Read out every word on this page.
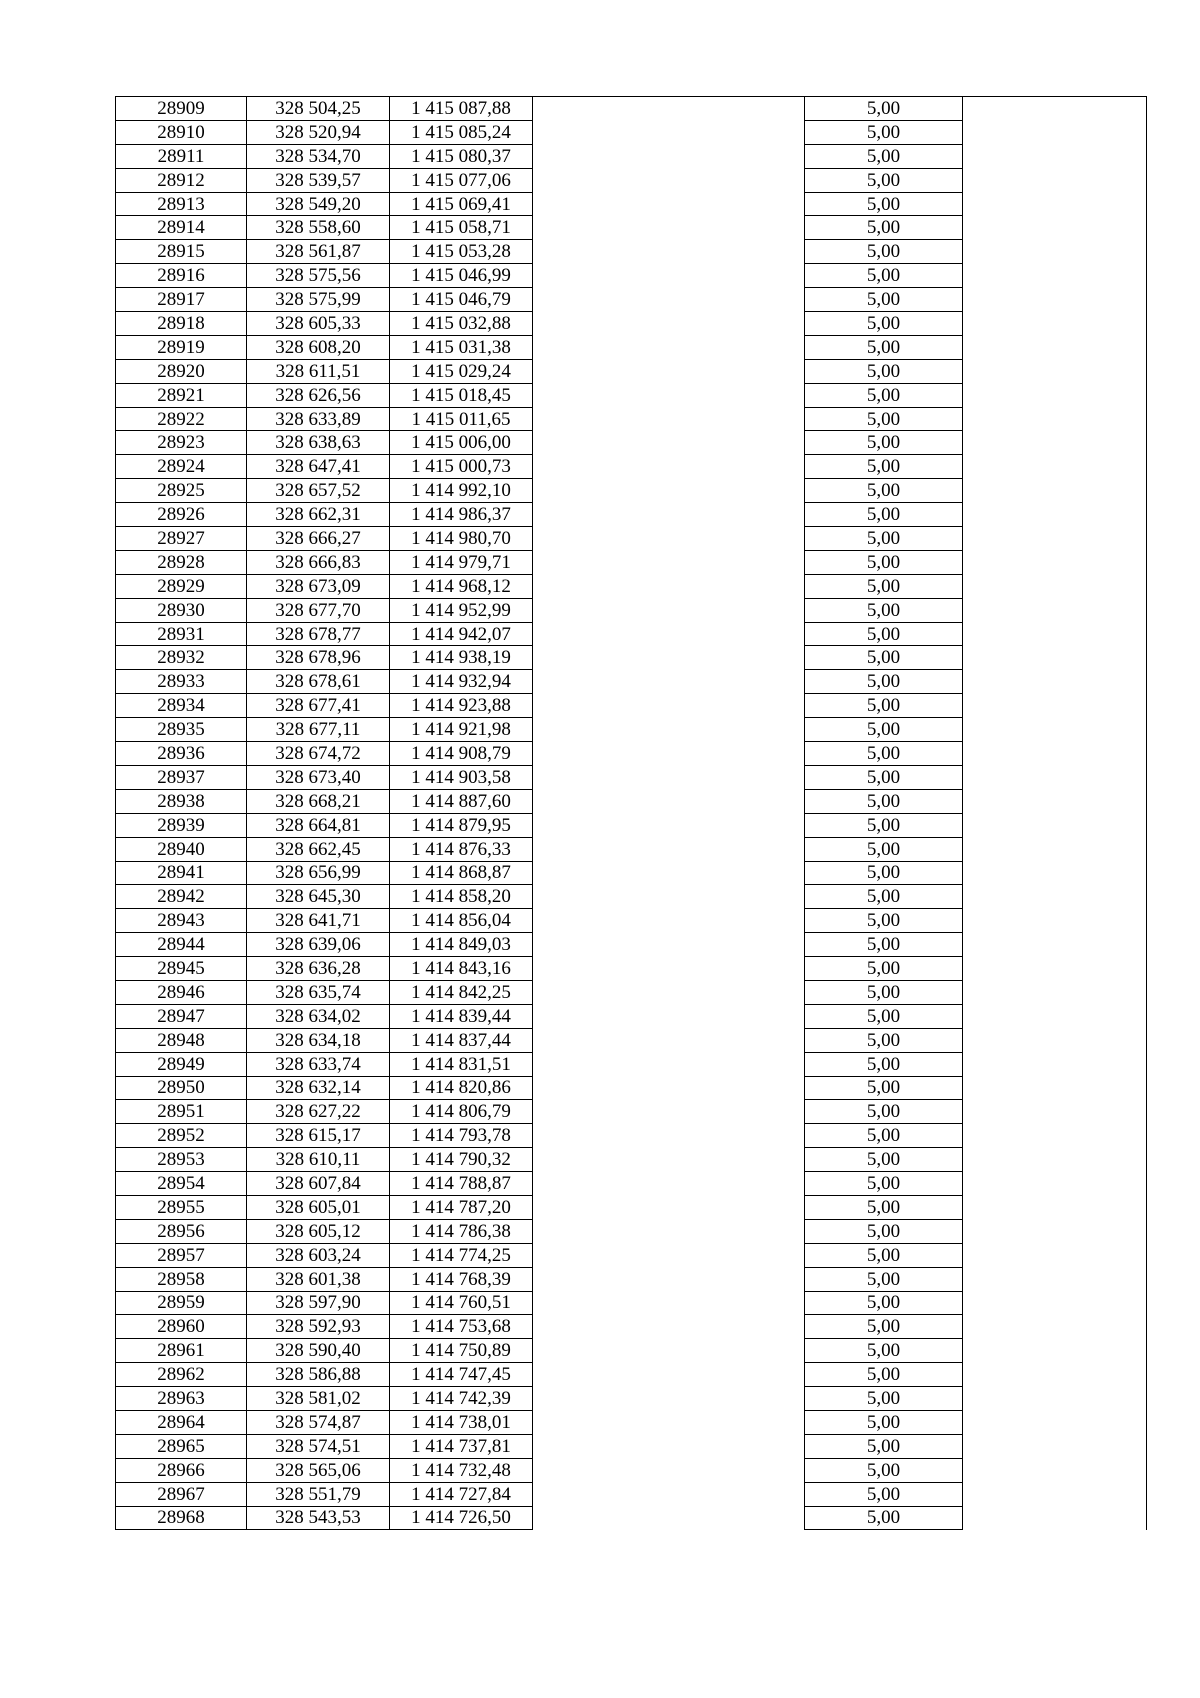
28909	328 504,25	1 415 087,88		5,00	
28910	328 520,94	1 415 085,24		5,00	
28911	328 534,70	1 415 080,37		5,00	
28912	328 539,57	1 415 077,06		5,00	
28913	328 549,20	1 415 069,41		5,00	
28914	328 558,60	1 415 058,71		5,00	
28915	328 561,87	1 415 053,28		5,00	
28916	328 575,56	1 415 046,99		5,00	
28917	328 575,99	1 415 046,79		5,00	
28918	328 605,33	1 415 032,88		5,00	
28919	328 608,20	1 415 031,38		5,00	
28920	328 611,51	1 415 029,24		5,00	
28921	328 626,56	1 415 018,45		5,00	
28922	328 633,89	1 415 011,65		5,00	
28923	328 638,63	1 415 006,00		5,00	
28924	328 647,41	1 415 000,73		5,00	
28925	328 657,52	1 414 992,10		5,00	
28926	328 662,31	1 414 986,37		5,00	
28927	328 666,27	1 414 980,70		5,00	
28928	328 666,83	1 414 979,71		5,00	
28929	328 673,09	1 414 968,12		5,00	
28930	328 677,70	1 414 952,99		5,00	
28931	328 678,77	1 414 942,07		5,00	
28932	328 678,96	1 414 938,19		5,00	
28933	328 678,61	1 414 932,94		5,00	
28934	328 677,41	1 414 923,88		5,00	
28935	328 677,11	1 414 921,98		5,00	
28936	328 674,72	1 414 908,79		5,00	
28937	328 673,40	1 414 903,58		5,00	
28938	328 668,21	1 414 887,60		5,00	
28939	328 664,81	1 414 879,95		5,00	
28940	328 662,45	1 414 876,33		5,00	
28941	328 656,99	1 414 868,87		5,00	
28942	328 645,30	1 414 858,20		5,00	
28943	328 641,71	1 414 856,04		5,00	
28944	328 639,06	1 414 849,03		5,00	
28945	328 636,28	1 414 843,16		5,00	
28946	328 635,74	1 414 842,25		5,00	
28947	328 634,02	1 414 839,44		5,00	
28948	328 634,18	1 414 837,44		5,00	
28949	328 633,74	1 414 831,51		5,00	
28950	328 632,14	1 414 820,86		5,00	
28951	328 627,22	1 414 806,79		5,00	
28952	328 615,17	1 414 793,78		5,00	
28953	328 610,11	1 414 790,32		5,00	
28954	328 607,84	1 414 788,87		5,00	
28955	328 605,01	1 414 787,20		5,00	
28956	328 605,12	1 414 786,38		5,00	
28957	328 603,24	1 414 774,25		5,00	
28958	328 601,38	1 414 768,39		5,00	
28959	328 597,90	1 414 760,51		5,00	
28960	328 592,93	1 414 753,68		5,00	
28961	328 590,40	1 414 750,89		5,00	
28962	328 586,88	1 414 747,45		5,00	
28963	328 581,02	1 414 742,39		5,00	
28964	328 574,87	1 414 738,01		5,00	
28965	328 574,51	1 414 737,81		5,00	
28966	328 565,06	1 414 732,48		5,00	
28967	328 551,79	1 414 727,84		5,00	
28968	328 543,53	1 414 726,50		5,00	
